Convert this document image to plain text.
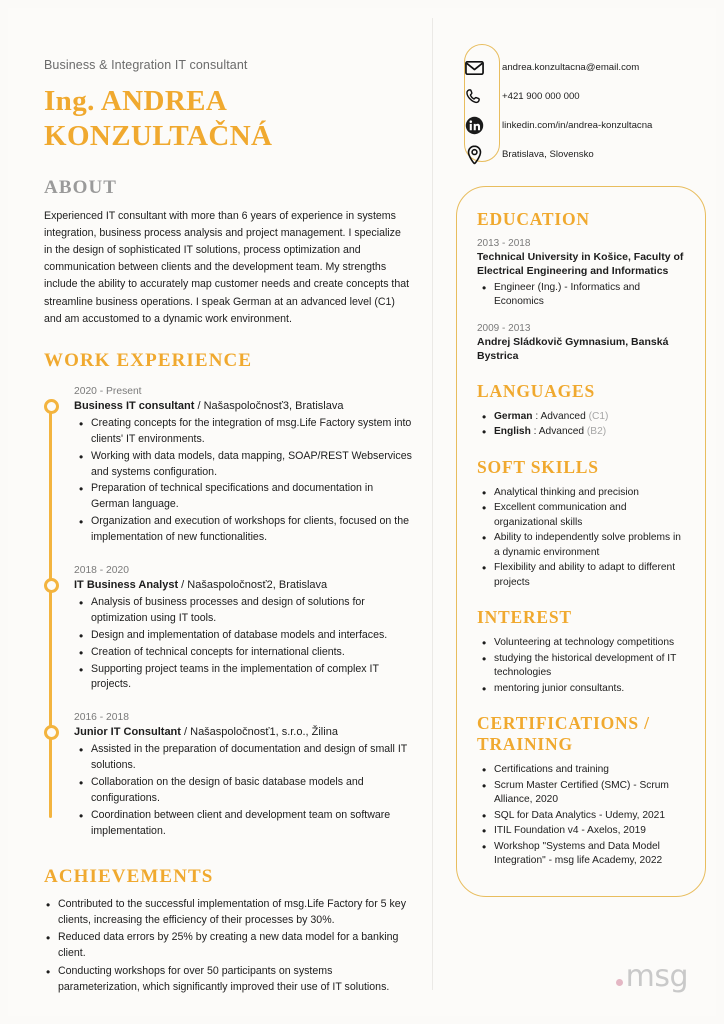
Business & Integration IT consultant
Ing. ANDREA
KONZULTAČNÁ
ABOUT
Experienced IT consultant with more than 6 years of experience in systems integration, business process analysis and project management. I specialize in the design of sophisticated IT solutions, process optimization and communication between clients and the development team. My strengths include the ability to accurately map customer needs and create concepts that streamline business operations. I speak German at an advanced level (C1) and am accustomed to a dynamic work environment.
WORK EXPERIENCE
2020 - Present
Business IT consultant / Našaspoločnosť3, Bratislava
• Creating concepts for the integration of msg.Life Factory system into clients' IT environments.
• Working with data models, data mapping, SOAP/REST Webservices and systems configuration.
• Preparation of technical specifications and documentation in German language.
• Organization and execution of workshops for clients, focused on the implementation of new functionalities.
2018 - 2020
IT Business Analyst / Našaspoločnosť2, Bratislava
• Analysis of business processes and design of solutions for optimization using IT tools.
• Design and implementation of database models and interfaces.
• Creation of technical concepts for international clients.
• Supporting project teams in the implementation of complex IT projects.
2016 - 2018
Junior IT Consultant / Našaspoločnosť1, s.r.o., Žilina
• Assisted in the preparation of documentation and design of small IT solutions.
• Collaboration on the design of basic database models and configurations.
• Coordination between client and development team on software implementation.
ACHIEVEMENTS
• Contributed to the successful implementation of msg.Life Factory for 5 key clients, increasing the efficiency of their processes by 30%.
• Reduced data errors by 25% by creating a new data model for a banking client.
• Conducting workshops for over 50 participants on systems parameterization, which significantly improved their use of IT solutions.
andrea.konzultacna@email.com
+421 900 000 000
linkedin.com/in/andrea-konzultacna
Bratislava, Slovensko
EDUCATION
2013 - 2018
Technical University in Košice, Faculty of Electrical Engineering and Informatics
• Engineer (Ing.) - Informatics and Economics
2009 - 2013
Andrej Sládkovič Gymnasium, Banská Bystrica
LANGUAGES
• German : Advanced (C1)
• English : Advanced (B2)
SOFT SKILLS
• Analytical thinking and precision
• Excellent communication and organizational skills
• Ability to independently solve problems in a dynamic environment
• Flexibility and ability to adapt to different projects
INTEREST
• Volunteering at technology competitions
• studying the historical development of IT technologies
• mentoring junior consultants.
CERTIFICATIONS /
TRAINING
• Certifications and training
• Scrum Master Certified (SMC) - Scrum Alliance, 2020
• SQL for Data Analytics - Udemy, 2021
• ITIL Foundation v4 - Axelos, 2019
• Workshop "Systems and Data Model Integration" - msg life Academy, 2022
msg
